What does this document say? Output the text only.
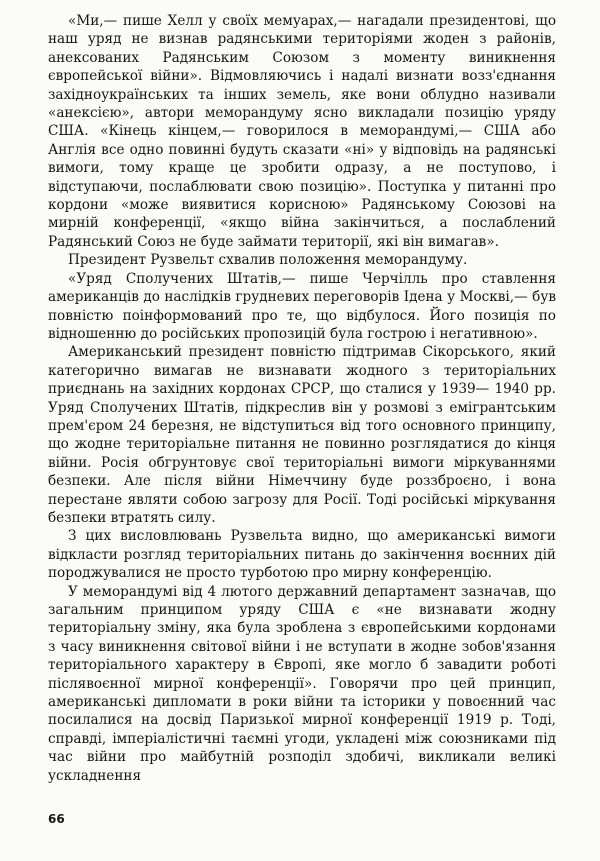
«Ми,— пише Хелл у своїх мемуарах,— нагадали президентові, що наш уряд не визнав радянськими територіями жоден з районів, анексованих Радянським Союзом з моменту виникнення європейської війни». Відмовляючись і надалі визнати возз'єднання західноукраїнських та інших земель, яке вони облудно називали «анексією», автори меморандуму ясно викладали позицію уряду США. «Кінець кінцем,— говорилося в меморандумі,— США або Англія все одно повинні будуть сказати «ні» у відповідь на радянські вимоги, тому краще це зробити одразу, а не поступово, і відступаючи, послаблювати свою позицію». Поступка у питанні про кордони «може виявитися корисною» Радянському Союзові на мирній конференції, «якщо війна закінчиться, а послаблений Радянський Союз не буде займати території, які він вимагав».

Президент Рузвельт схвалив положення меморандуму.

«Уряд Сполучених Штатів,— пише Черчілль про ставлення американців до наслідків грудневих переговорів Ідена у Москві,— був повністю поінформований про те, що відбулося. Його позиція по відношенню до російських пропозицій була гострою і негативною».

Американський президент повністю підтримав Сікорського, який категорично вимагав не визнавати жодного з територіальних приєднань на західних кордонах СРСР, що сталися у 1939— 1940 рр. Уряд Сполучених Штатів, підкреслив він у розмові з емігрантським прем'єром 24 березня, не відступиться від того основного принципу, що жодне територіальне питання не повинно розглядатися до кінця війни. Росія обгрунтовує свої територіальні вимоги міркуваннями безпеки. Але після війни Німеччину буде роззброєно, і вона перестане являти собою загрозу для Росії. Тоді російські міркування безпеки втратять силу.

З цих висловлювань Рузвельта видно, що американські вимоги відкласти розгляд територіальних питань до закінчення воєнних дій породжувалися не просто турботою про мирну конференцію.

У меморандумі від 4 лютого державний департамент зазначав, що загальним принципом уряду США є «не визнавати жодну територіальну зміну, яка була зроблена з європейськими кордонами з часу виникнення світової війни і не вступати в жодне зобов'язання територіального характеру в Європі, яке могло б завадити роботі післявоєнної мирної конференції». Говорячи про цей принцип, американські дипломати в роки війни та історики у повоєнний час посилалися на досвід Паризької мирної конференції 1919 р. Тоді, справді, імперіалістичні таємні угоди, укладені між союзниками під час війни про майбутній розподіл здобичі, викликали великі ускладнення

66
